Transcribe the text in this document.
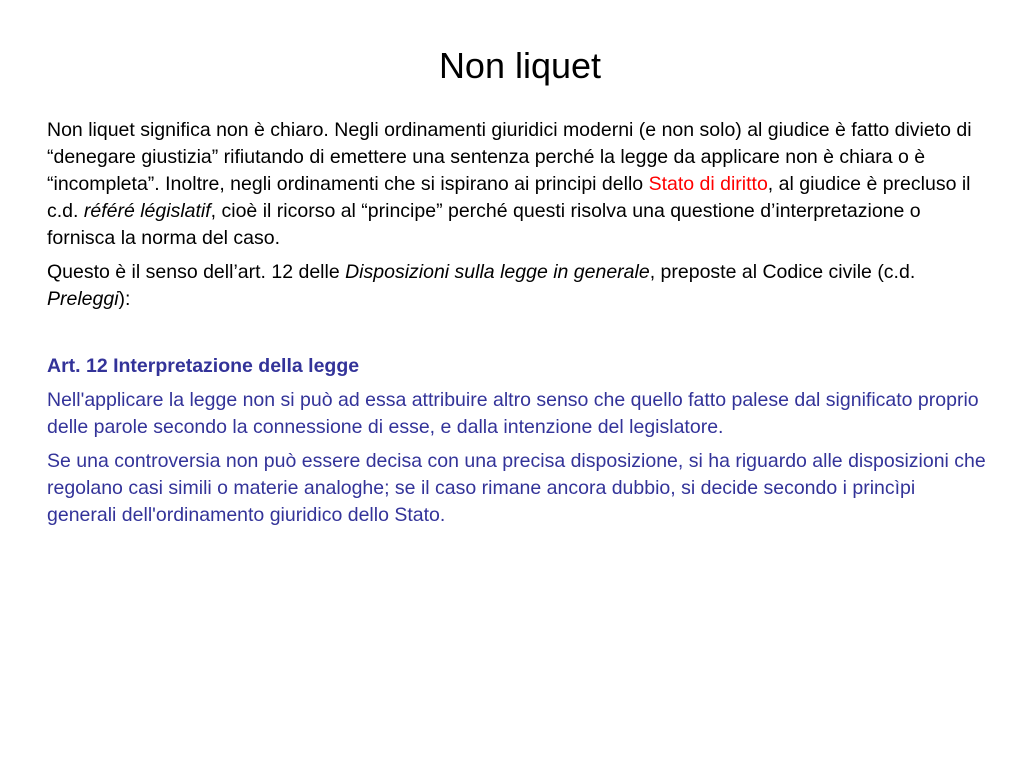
Non liquet

Non liquet significa non è chiaro. Negli ordinamenti giuridici moderni (e non solo) al giudice è fatto divieto di “denegare giustizia” rifiutando di emettere una sentenza perché la legge da applicare non è chiara o è “incompleta”. Inoltre, negli ordinamenti che si ispirano ai principi dello Stato di diritto, al giudice è precluso il c.d. référé législatif, cioè il ricorso al “principe” perché questi risolva una questione d’interpretazione o fornisca la norma del caso.

Questo è il senso dell’art. 12 delle Disposizioni sulla legge in generale, preposte al Codice civile (c.d. Preleggi):

Art. 12 Interpretazione della legge

Nell'applicare la legge non si può ad essa attribuire altro senso che quello fatto palese dal significato proprio delle parole secondo la connessione di esse, e dalla intenzione del legislatore.

Se una controversia non può essere decisa con una precisa disposizione, si ha riguardo alle disposizioni che regolano casi simili o materie analoghe; se il caso rimane ancora dubbio, si decide secondo i princìpi generali dell'ordinamento giuridico dello Stato.
